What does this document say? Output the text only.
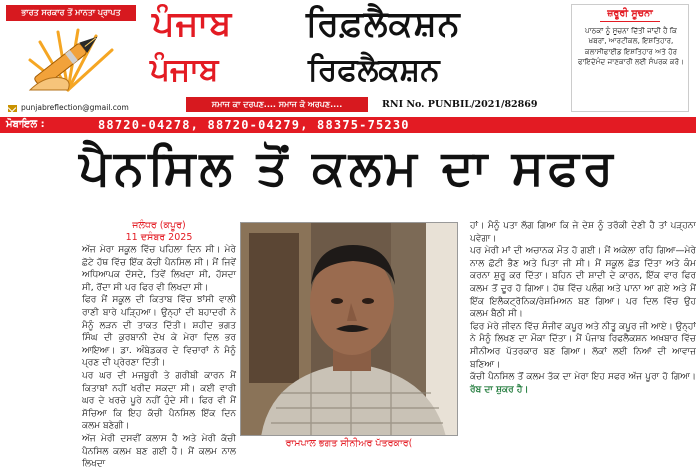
ਭਾਰਤ ਸਰਕਾਰ ਤੋਂ ਮਾਨਤਾ ਪ੍ਰਾਪਤ
punjabreflection@gmail.com
ਪੰਜਾਬ ਰਿਫ਼ਲੈਕਸ਼ਨ
ਪੰਜਾਬ	ਰਿਫਲੈਕਸ਼ਨ
ਸਮਾਜ ਕਾ ਦਰਪਣ.... ਸਮਾਜ ਕੋ ਅਰਪਣ....	RNI No. PUNBIL/2021/82869
ਜ਼ਰੂਰੀ ਸੂਚਨਾ
ਪਾਠਕਾਂ ਨੂੰ ਸੂਚਨਾ ਦਿੱਤੀ ਜਾਂਦੀ ਹੈ ਕਿ ਖ਼ਬਰਾਂ, ਆਰਟੀਕਲ, ਇਸ਼ਤਿਹਾਰ, ਕਲਾਸੀਫਾਈਡ ਇਸ਼ਤਿਹਾਰ ਅਤੇ ਹੋਰ ਫਾਇਦੇਮੰਦ ਜਾਣਕਾਰੀ ਲਈ ਸੰਪਰਕ ਕਰੋ।
ਮੋਬਾਇਲ :	88720-04278, 88720-04279, 88375-75230
ਪੈਨਸਿਲ ਤੋਂ ਕਲਮ ਦਾ ਸਫਰ
ਜਲੰਧਰ (ਕਪੂਰ)
11 ਦਸੰਬਰ 2025

ਅੱਜ ਮੇਰਾ ਸਕੂਲ ਵਿੱਚ ਪਹਿਲਾ ਦਿਨ ਸੀ। ਮੇਰੇ ਛੋਟੇ ਹੱਥ ਵਿੱਚ ਇੱਕ ਕੱਚੀ ਪੈਨਸਿਲ ਸੀ। ਮੈਂ ਜਿਵੇਂ ਅਧਿਆਪਕ ਦੱਸਦੇ, ਤਿਵੇਂ ਲਿਖਦਾ ਸੀ, ਹੱਸਦਾ ਸੀ, ਰੋਂਦਾ ਸੀ ਪਰ ਫਿਰ ਵੀ ਲਿਖਦਾ ਸੀ।

ਫਿਰ ਮੈਂ ਸਕੂਲ ਦੀ ਕਿਤਾਬ ਵਿੱਚ ਝਾਂਸੀ ਵਾਲੀ ਰਾਣੀ ਬਾਰੇ ਪੜ੍ਹਿਆ। ਉਨ੍ਹਾਂ ਦੀ ਬਹਾਦਰੀ ਨੇ ਮੈਨੂੰ ਲੜਨ ਦੀ ਤਾਕਤ ਦਿੱਤੀ। ਸ਼ਹੀਦ ਭਗਤ ਸਿੰਘ ਦੀ ਕੁਰਬਾਨੀ ਦੇਖ ਕੇ ਮੇਰਾ ਦਿਲ ਭਰ ਆਇਆ। ਡਾ. ਅੰਬੇਡਕਰ ਦੇ ਵਿਚਾਰਾਂ ਨੇ ਮੈਨੂੰ ਪ੍ਰਣ ਦੀ ਪ੍ਰੇਰਣਾ ਦਿੱਤੀ।

ਪਰ ਘਰ ਦੀ ਮਜਬੂਰੀ ਤੇ ਗਰੀਬੀ ਕਾਰਨ ਮੈਂ ਕਿਤਾਬਾਂ ਨਹੀਂ ਖਰੀਦ ਸਕਦਾ ਸੀ। ਕਈ ਵਾਰੀ ਘਰ ਦੇ ਖਰਚੇ ਪੂਰੇ ਨਹੀਂ ਹੁੰਦੇ ਸੀ। ਫਿਰ ਵੀ ਮੈਂ ਸੋਚਿਆ ਕਿ ਇਹ ਕੱਚੀ ਪੈਨਸਿਲ ਇੱਕ ਦਿਨ ਕਲਮ ਬਣੇਗੀ।

ਅੱਜ ਮੇਰੀ ਦਸਵੀਂ ਕਲਾਸ ਹੈ ਅਤੇ ਮੇਰੀ ਕੱਚੀ ਪੈਨਸਿਲ ਕਲਮ ਬਣ ਗਈ ਹੈ। ਮੈਂ ਕਲਮ ਨਾਲ ਲਿਖਦਾ

ਰਾਮਪਾਲ ਭਗਤ ਸੀਨੀਅਰ ਪੱਤਰਕਾਰ(

ਹਾਂ। ਮੈਨੂੰ ਪਤਾ ਲੱਗ ਗਿਆ ਕਿ ਜੇ ਦੇਸ਼ ਨੂੰ ਤਰੱਕੀ ਦੇਣੀ ਹੈ ਤਾਂ ਪੜ੍ਹਨਾ ਪਵੇਗਾ।

ਪਰ ਮੇਰੀ ਮਾਂ ਦੀ ਅਚਾਨਕ ਮੌਤ ਹੋ ਗਈ। ਮੈਂ ਅਕੇਲਾ ਰਹਿ ਗਿਆ—ਮੇਰੇ ਨਾਲ ਛੋਟੀ ਭੈਣ ਅਤੇ ਪਿਤਾ ਜੀ ਸੀ। ਮੈਂ ਸਕੂਲ ਛੱਡ ਦਿੱਤਾ ਅਤੇ ਕੰਮ ਕਰਨਾ ਸ਼ੁਰੂ ਕਰ ਦਿੱਤਾ। ਬਹਿਨ ਦੀ ਸ਼ਾਦੀ ਦੇ ਕਾਰਨ, ਇੱਕ ਵਾਰ ਫਿਰ ਕਲਮ ਤੋਂ ਦੂਰ ਹੋ ਗਿਆ। ਹੱਥ ਵਿੱਚ ਪਲੰਗ ਅਤੇ ਪਾਨਾ ਆ ਗਏ ਅਤੇ ਮੈਂ ਇੱਕ ਇਲੈਕਟ੍ਰੋਨਿਕ/ਰੇਸ਼ਮਿਅਨ ਬਣ ਗਿਆ। ਪਰ ਦਿਲ ਵਿੱਚ ਉਹ ਕਲਮ ਬੈਠੀ ਸੀ।

ਫਿਰ ਮੇਰੇ ਜੀਵਨ ਵਿੱਚ ਸੰਜੀਵ ਕਪੂਰ ਅਤੇ ਨੀਤੂ ਕਪੂਰ ਜੀ ਆਏ। ਉਨ੍ਹਾਂ ਨੇ ਮੈਨੂੰ ਲਿਖਣ ਦਾ ਮੌਕਾ ਦਿੱਤਾ। ਮੈਂ ਪੰਜਾਬ ਰਿਫਲੈਕਸ਼ਨ ਅਖ਼ਬਾਰ ਵਿੱਚ ਸੀਨੀਅਰ ਪੱਤਰਕਾਰ ਬਣ ਗਿਆ। ਲੋਕਾਂ ਲਈ ਨਿਆਂ ਦੀ ਆਵਾਜ਼ ਬਣਿਆ।

ਕੱਚੀ ਪੈਨਸਿਲ ਤੋਂ ਕਲਮ ਤੱਕ ਦਾ ਮੇਰਾ ਇਹ ਸਫਰ ਅੱਜ ਪੂਰਾ ਹੋ ਗਿਆ। ਰੱਬ ਦਾ ਸ਼ੁਕਰ ਹੈ।
